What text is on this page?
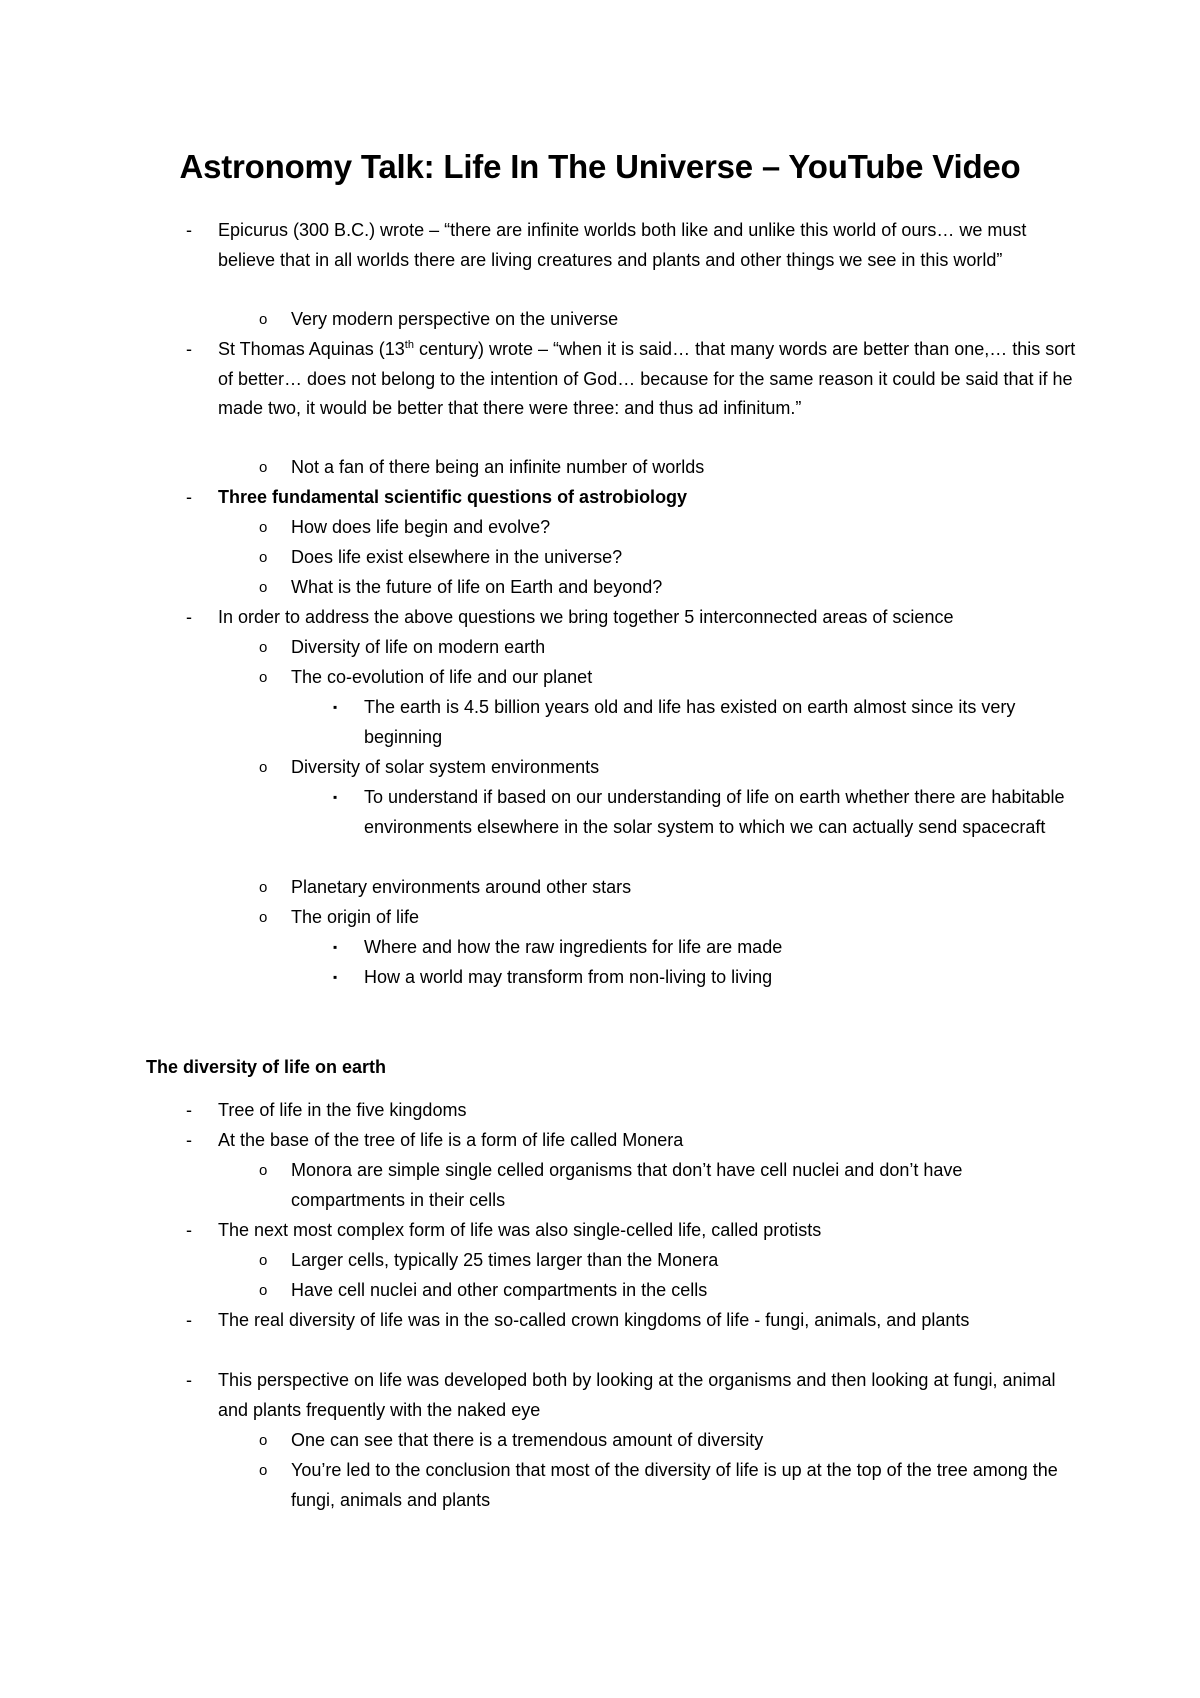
Astronomy Talk: Life In The Universe – YouTube Video
- Epicurus (300 B.C.) wrote – “there are infinite worlds both like and unlike this world of ours… we must believe that in all worlds there are living creatures and plants and other things we see in this world”
o Very modern perspective on the universe
- St Thomas Aquinas (13th century) wrote – “when it is said… that many words are better than one,… this sort of better… does not belong to the intention of God… because for the same reason it could be said that if he made two, it would be better that there were three: and thus ad infinitum.”
o Not a fan of there being an infinite number of worlds
- Three fundamental scientific questions of astrobiology
o How does life begin and evolve?
o Does life exist elsewhere in the universe?
o What is the future of life on Earth and beyond?
- In order to address the above questions we bring together 5 interconnected areas of science
o Diversity of life on modern earth
o The co-evolution of life and our planet
▪ The earth is 4.5 billion years old and life has existed on earth almost since its very beginning
o Diversity of solar system environments
▪ To understand if based on our understanding of life on earth whether there are habitable environments elsewhere in the solar system to which we can actually send spacecraft
o Planetary environments around other stars
o The origin of life
▪ Where and how the raw ingredients for life are made
▪ How a world may transform from non-living to living
The diversity of life on earth
- Tree of life in the five kingdoms
- At the base of the tree of life is a form of life called Monera
o Monora are simple single celled organisms that don’t have cell nuclei and don’t have compartments in their cells
- The next most complex form of life was also single-celled life, called protists
o Larger cells, typically 25 times larger than the Monera
o Have cell nuclei and other compartments in the cells
- The real diversity of life was in the so-called crown kingdoms of life - fungi, animals, and plants
- This perspective on life was developed both by looking at the organisms and then looking at fungi, animal and plants frequently with the naked eye
o One can see that there is a tremendous amount of diversity
o You’re led to the conclusion that most of the diversity of life is up at the top of the tree among the fungi, animals and plants
